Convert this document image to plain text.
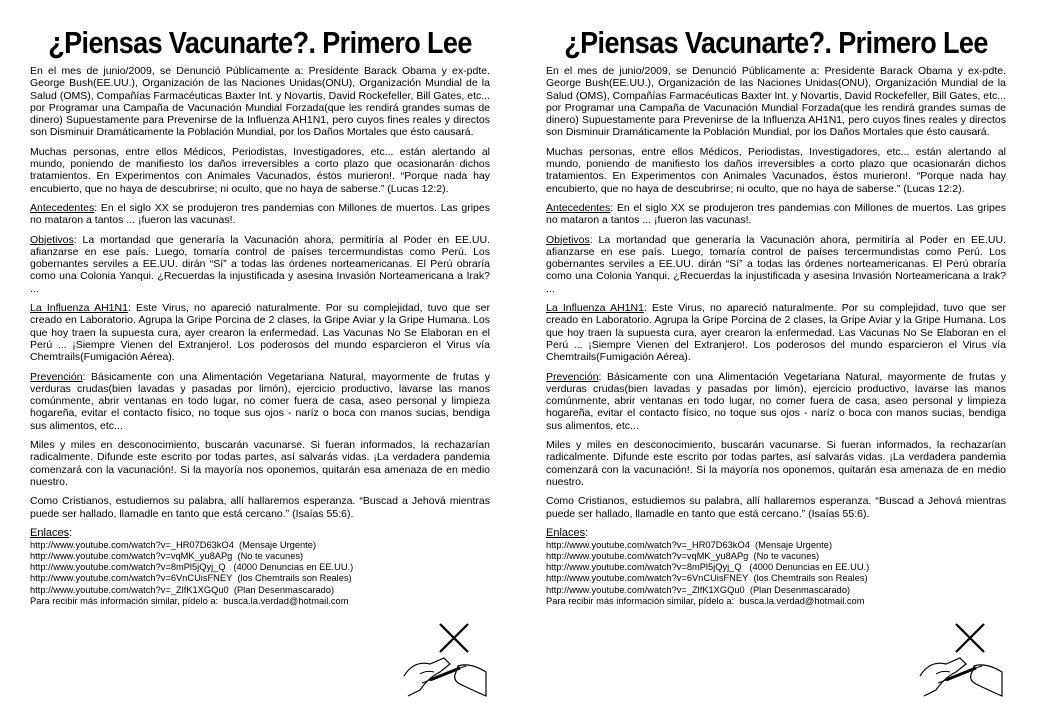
¿Piensas Vacunarte?. Primero Lee

En el mes de junio/2009, se Denunció Públicamente a: Presidente Barack Obama y ex-pdte. George Bush(EE.UU.), Organización de las Naciones Unidas(ONU), Organización Mundial de la Salud (OMS), Compañías Farmacéuticas Baxter Int. y Novartis, David Rockefeller, Bill Gates, etc... por Programar una Campaña de Vacunación Mundial Forzada(que les rendirá grandes sumas de dinero) Supuestamente para Prevenirse de la Influenza AH1N1, pero cuyos fines reales y directos son Disminuir Dramáticamente la Población Mundial, por los Daños Mortales que ésto causará.

Muchas personas, entre ellos Médicos, Periodistas, Investigadores, etc... están alertando al mundo, poniendo de manifiesto los daños irreversibles a corto plazo que ocasionarán dichos tratamientos. En Experimentos con Animales Vacunados, éstos murieron!. “Porque nada hay encubierto, que no haya de descubrirse; ni oculto, que no haya de saberse.” (Lucas 12:2).

Antecedentes: En el siglo XX se produjeron tres pandemias con Millones de muertos. Las gripes no mataron a tantos ... ¡fueron las vacunas!.

Objetivos: La mortandad que generaría la Vacunación ahora, permitiría al Poder en EE.UU. afianzarse en ese país. Luego, tomaría control de países tercermundistas como Perú. Los gobernantes serviles a EE.UU. dirán “Sí” a todas las órdenes norteamericanas. El Perú obraría como una Colonia Yanqui. ¿Recuerdas la injustificada y asesina Invasión Norteamericana a Irak? ...

La Influenza AH1N1: Este Virus, no apareció naturalmente. Por su complejidad, tuvo que ser creado en Laboratorio. Agrupa la Gripe Porcina de 2 clases, la Gripe Aviar y la Gripe Humana. Los que hoy traen la supuesta cura, ayer crearon la enfermedad. Las Vacunas No Se Elaboran en el Perú ... ¡Siempre Vienen del Extranjero!. Los poderosos del mundo esparcieron el Virus vía Chemtrails(Fumigación Aérea).

Prevención: Básicamente con una Alimentación Vegetariana Natural, mayormente de frutas y verduras crudas(bien lavadas y pasadas por limón), ejercicio productivo, lavarse las manos comúnmente, abrir ventanas en todo lugar, no comer fuera de casa, aseo personal y limpieza hogareña, evitar el contacto físico, no toque sus ojos - naríz o boca con manos sucias, bendiga sus alimentos, etc...

Miles y miles en desconocimiento, buscarán vacunarse. Si fueran informados, la rechazarían radicalmente. Difunde este escrito por todas partes, así salvarás vidas. ¡La verdadera pandemia comenzará con la vacunación!. Si la mayoría nos oponemos, quitarán esa amenaza de en medio nuestro.

Como Cristianos, estudiemos su palabra, allí hallaremos esperanza. “Buscad a Jehová mientras puede ser hallado, llamadle en tanto que está cercano.” (Isaías 55:6).

Enlaces:
http://www.youtube.com/watch?v=_HR07D63kO4 (Mensaje Urgente)
http://www.youtube.com/watch?v=vqMK_yu8APg (No te vacunes)
http://www.youtube.com/watch?v=8mPl5jQyj_Q (4000 Denuncias en EE.UU.)
http://www.youtube.com/watch?v=6VnCUisFNEY (los Chemtrails son Reales)
http://www.youtube.com/watch?v=_ZlfK1XGQu0 (Plan Desenmascarado)
Para recibir más información similar, pídelo a: busca.la.verdad@hotmail.com
¿Piensas Vacunarte?. Primero Lee

En el mes de junio/2009, se Denunció Públicamente a: Presidente Barack Obama y ex-pdte. George Bush(EE.UU.), Organización de las Naciones Unidas(ONU), Organización Mundial de la Salud (OMS), Compañías Farmacéuticas Baxter Int. y Novartis, David Rockefeller, Bill Gates, etc... por Programar una Campaña de Vacunación Mundial Forzada(que les rendirá grandes sumas de dinero) Supuestamente para Prevenirse de la Influenza AH1N1, pero cuyos fines reales y directos son Disminuir Dramáticamente la Población Mundial, por los Daños Mortales que ésto causará.

Muchas personas, entre ellos Médicos, Periodistas, Investigadores, etc... están alertando al mundo, poniendo de manifiesto los daños irreversibles a corto plazo que ocasionarán dichos tratamientos. En Experimentos con Animales Vacunados, éstos murieron!. “Porque nada hay encubierto, que no haya de descubrirse; ni oculto, que no haya de saberse.” (Lucas 12:2).

Antecedentes: En el siglo XX se produjeron tres pandemias con Millones de muertos. Las gripes no mataron a tantos ... ¡fueron las vacunas!.

Objetivos: La mortandad que generaría la Vacunación ahora, permitiría al Poder en EE.UU. afianzarse en ese país. Luego, tomaría control de países tercermundistas como Perú. Los gobernantes serviles a EE.UU. dirán “Sí” a todas las órdenes norteamericanas. El Perú obraría como una Colonia Yanqui. ¿Recuerdas la injustificada y asesina Invasión Norteamericana a Irak? ...

La Influenza AH1N1: Este Virus, no apareció naturalmente. Por su complejidad, tuvo que ser creado en Laboratorio. Agrupa la Gripe Porcina de 2 clases, la Gripe Aviar y la Gripe Humana. Los que hoy traen la supuesta cura, ayer crearon la enfermedad. Las Vacunas No Se Elaboran en el Perú ... ¡Siempre Vienen del Extranjero!. Los poderosos del mundo esparcieron el Virus vía Chemtrails(Fumigación Aérea).

Prevención: Básicamente con una Alimentación Vegetariana Natural, mayormente de frutas y verduras crudas(bien lavadas y pasadas por limón), ejercicio productivo, lavarse las manos comúnmente, abrir ventanas en todo lugar, no comer fuera de casa, aseo personal y limpieza hogareña, evitar el contacto físico, no toque sus ojos - naríz o boca con manos sucias, bendiga sus alimentos, etc...

Miles y miles en desconocimiento, buscarán vacunarse. Si fueran informados, la rechazarían radicalmente. Difunde este escrito por todas partes, así salvarás vidas. ¡La verdadera pandemia comenzará con la vacunación!. Si la mayoría nos oponemos, quitarán esa amenaza de en medio nuestro.

Como Cristianos, estudiemos su palabra, allí hallaremos esperanza. “Buscad a Jehová mientras puede ser hallado, llamadle en tanto que está cercano.” (Isaías 55:6).

Enlaces:
http://www.youtube.com/watch?v=_HR07D63kO4 (Mensaje Urgente)
http://www.youtube.com/watch?v=vqMK_yu8APg (No te vacunes)
http://www.youtube.com/watch?v=8mPl5jQyj_Q (4000 Denuncias en EE.UU.)
http://www.youtube.com/watch?v=6VnCUisFNEY (los Chemtrails son Reales)
http://www.youtube.com/watch?v=_ZlfK1XGQu0 (Plan Desenmascarado)
Para recibir más información similar, pídelo a: busca.la.verdad@hotmail.com
